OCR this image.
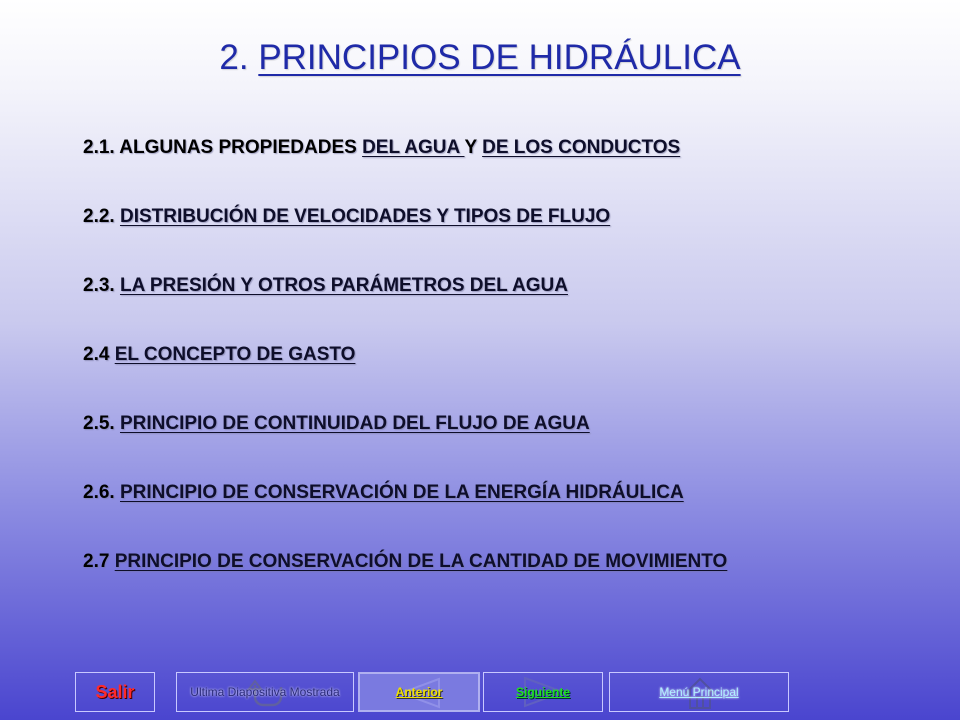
2. PRINCIPIOS DE HIDRÁULICA
2.1. ALGUNAS PROPIEDADES DEL AGUA Y DE LOS CONDUCTOS
2.2. DISTRIBUCIÓN DE VELOCIDADES Y TIPOS DE FLUJO
2.3. LA PRESIÓN Y OTROS PARÁMETROS DEL AGUA
2.4 EL CONCEPTO DE GASTO
2.5. PRINCIPIO DE CONTINUIDAD DEL FLUJO DE AGUA
2.6. PRINCIPIO DE CONSERVACIÓN DE LA ENERGÍA HIDRÁULICA
2.7 PRINCIPIO DE CONSERVACIÓN DE LA CANTIDAD DE MOVIMIENTO
Salir	Ultima Diapositiva Mostrada	Anterior	Siguiente	Menú Principal
